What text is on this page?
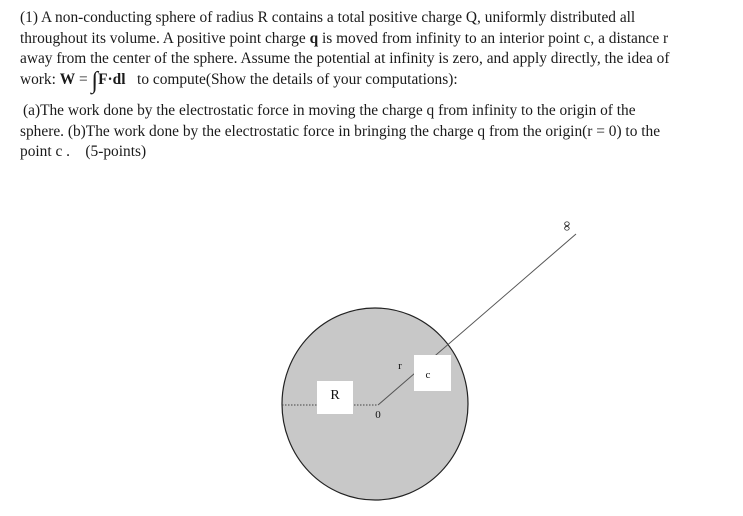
(1) A non-conducting sphere of radius R contains a total positive charge Q, uniformly distributed all
throughout its volume. A positive point charge q is moved from infinity to an interior point c, a distance r
away from the center of the sphere. Assume the potential at infinity is zero, and apply directly, the idea of
work: W = ∫F·dl   to compute(Show the details of your computations):
(a)The work done by the electrostatic force in moving the charge q from infinity to the origin of the
sphere. (b)The work done by the electrostatic force in bringing the charge q from the origin(r = 0) to the
point c .    (5-points)
R
c
r
0
∞
